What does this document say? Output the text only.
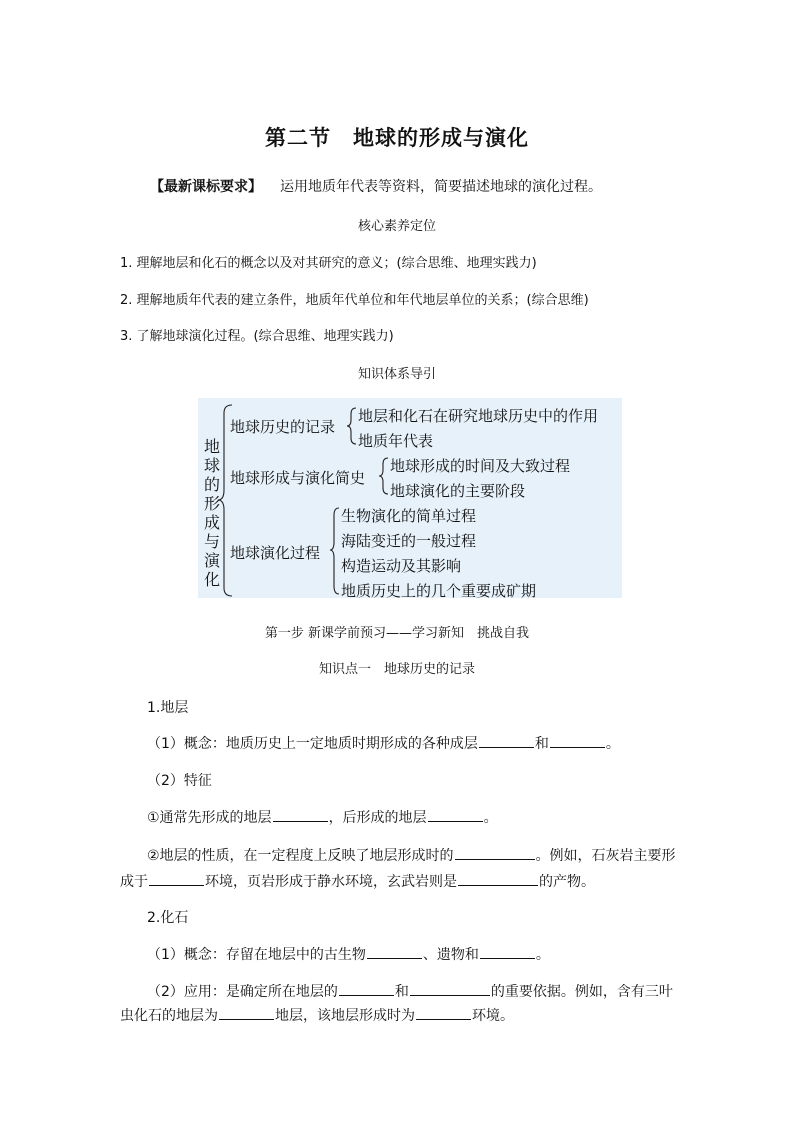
第二节　地球的形成与演化
【最新课标要求】 运用地质年代表等资料，简要描述地球的演化过程。
核心素养定位
1. 理解地层和化石的概念以及对其研究的意义；(综合思维、地理实践力)
2. 理解地质年代表的建立条件，地质年代单位和年代地层单位的关系；(综合思维)
3. 了解地球演化过程。(综合思维、地理实践力)
知识体系导引
地
球
的
形
成
与
演
化
地球历史的记录
地层和化石在研究地球历史中的作用
地质年代表
地球形成与演化简史
地球形成的时间及大致过程
地球演化的主要阶段
地球演化过程
生物演化的简单过程
海陆变迁的一般过程
构造运动及其影响
地质历史上的几个重要成矿期
第一步 新课学前预习——学习新知　挑战自我
知识点一　地球历史的记录
1.地层
（1）概念：地质历史上一定地质时期形成的各种成层	和	。
（2）特征
①通常先形成的地层	，后形成的地层	。
②地层的性质，在一定程度上反映了地层形成时的	。例如，石灰岩主要形
成于	环境，页岩形成于静水环境，玄武岩则是	的产物。
2.化石
（1）概念：存留在地层中的古生物	、遗物和	。
（2）应用：是确定所在地层的	和	的重要依据。例如，含有三叶
虫化石的地层为	地层，该地层形成时为	环境。
